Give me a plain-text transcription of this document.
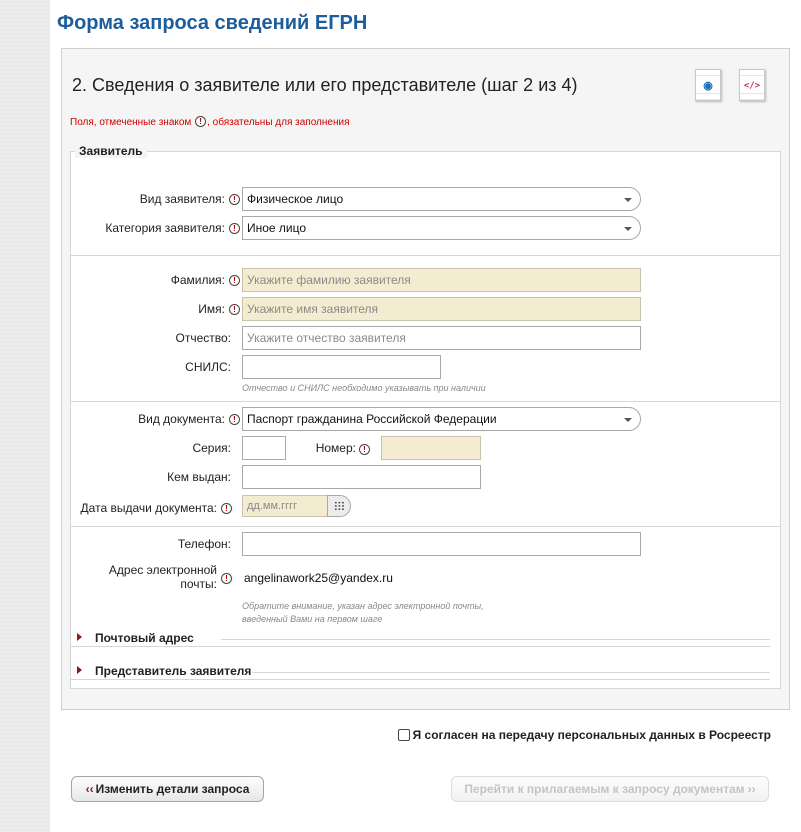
Форма запроса сведений ЕГРН
2. Сведения о заявителе или его представителе (шаг 2 из 4)	◉	</>
Поля, отмеченные знаком ! , обязательны для заполнения
Заявитель
Вид заявителя:	! Физическое лицо
Категория заявителя:	! Иное лицо
Фамилия:	! Укажите фамилию заявителя
Имя:	! Укажите имя заявителя
Отчество:	Укажите отчество заявителя
СНИЛС:
Отчество и СНИЛС необходимо указывать при наличии
Вид документа:	! Паспорт гражданина Российской Федерации
Серия:	Номер: !
Кем выдан:
Дата выдачи документа:	!	дд.мм.гггг
Телефон:
Адрес электронной
почты:	!	angelinawork25@yandex.ru
Обратите внимание, указан адрес электронной почты,
введенный Вами на первом шаге
Почтовый адрес
Представитель заявителя
Я согласен на передачу персональных данных в Росреестр
‹‹ Изменить детали запроса	Перейти к прилагаемым к запросу документам ››
